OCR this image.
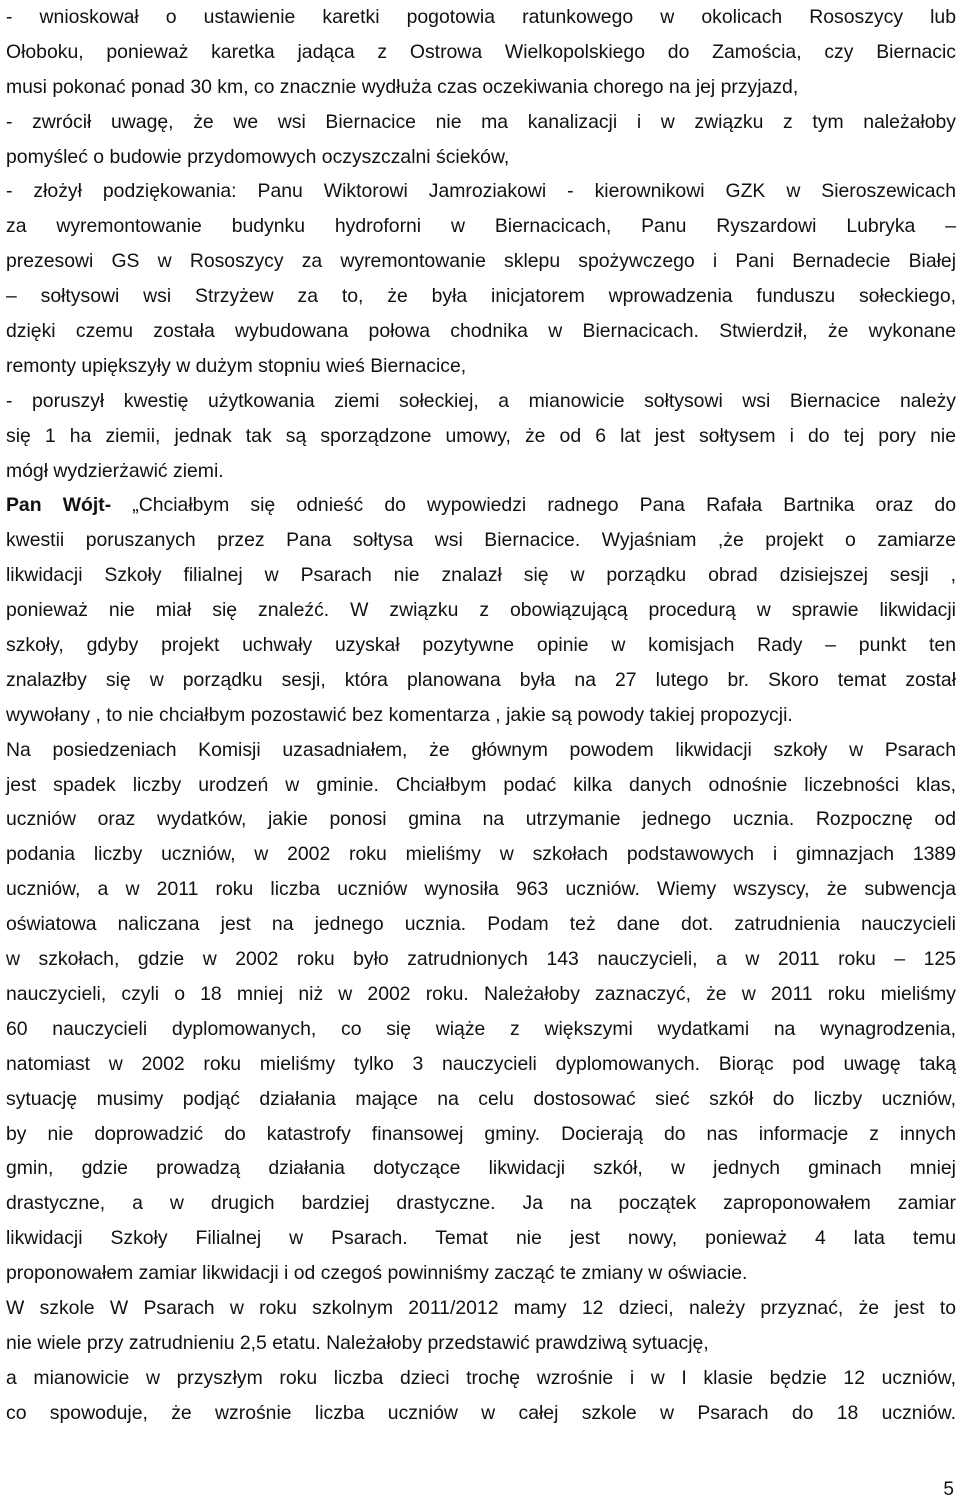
- wnioskował o ustawienie karetki pogotowia ratunkowego w okolicach Rososzycy lub
Ołoboku, ponieważ karetka jadąca z Ostrowa Wielkopolskiego do Zamościa, czy Biernacic
musi pokonać ponad 30 km, co znacznie wydłuża czas oczekiwania chorego na jej przyjazd,
- zwrócił uwagę, że we wsi Biernacice nie ma kanalizacji i w związku z tym należałoby
pomyśleć o budowie przydomowych oczyszczalni ścieków,
- złożył podziękowania: Panu Wiktorowi Jamroziakowi - kierownikowi GZK w Sieroszewicach
za wyremontowanie budynku hydroforni w Biernacicach, Panu Ryszardowi Lubryka –
prezesowi GS w Rososzycy za wyremontowanie sklepu spożywczego i Pani Bernadecie Białej
– sołtysowi wsi Strzyżew za to, że była inicjatorem wprowadzenia funduszu sołeckiego,
dzięki czemu została wybudowana połowa chodnika w Biernacicach. Stwierdził, że wykonane
remonty upiększyły w dużym stopniu wieś Biernacice,
- poruszył kwestię użytkowania ziemi sołeckiej, a mianowicie sołtysowi wsi Biernacice należy
się 1 ha ziemii, jednak tak są sporządzone umowy, że od 6 lat jest sołtysem i do tej pory nie
mógł wydzierżawić ziemi.
Pan Wójt- „Chciałbym się odnieść do wypowiedzi radnego Pana Rafała Bartnika oraz do
kwestii poruszanych przez Pana sołtysa wsi Biernacice. Wyjaśniam ,że projekt o zamiarze
likwidacji Szkoły filialnej w Psarach nie znalazł się w porządku obrad dzisiejszej sesji ,
ponieważ nie miał się znaleźć. W związku z obowiązującą procedurą w sprawie likwidacji
szkoły, gdyby projekt uchwały uzyskał pozytywne opinie w komisjach Rady – punkt ten
znalazłby się w porządku sesji, która planowana była na 27 lutego br. Skoro temat został
wywołany , to nie chciałbym pozostawić bez komentarza , jakie są powody takiej propozycji.
Na posiedzeniach Komisji uzasadniałem, że głównym powodem likwidacji szkoły w Psarach
jest spadek liczby urodzeń w gminie. Chciałbym podać kilka danych odnośnie liczebności klas,
uczniów oraz wydatków, jakie ponosi gmina na utrzymanie jednego ucznia. Rozpocznę od
podania liczby uczniów, w 2002 roku mieliśmy w szkołach podstawowych i gimnazjach 1389
uczniów, a w 2011 roku liczba uczniów wynosiła 963 uczniów. Wiemy wszyscy, że subwencja
oświatowa naliczana jest na jednego ucznia. Podam też dane dot. zatrudnienia nauczycieli
w szkołach, gdzie w 2002 roku było zatrudnionych 143 nauczycieli, a w 2011 roku – 125
nauczycieli, czyli o 18 mniej niż w 2002 roku. Należałoby zaznaczyć, że w 2011 roku mieliśmy
60 nauczycieli dyplomowanych, co się wiąże z większymi wydatkami na wynagrodzenia,
natomiast w 2002 roku mieliśmy tylko 3 nauczycieli dyplomowanych. Biorąc pod uwagę taką
sytuację musimy podjąć działania mające na celu dostosować sieć szkół do liczby uczniów,
by nie doprowadzić do katastrofy finansowej gminy. Docierają do nas informacje z innych
gmin, gdzie prowadzą działania dotyczące likwidacji szkół, w jednych gminach mniej
drastyczne, a w drugich bardziej drastyczne. Ja na początek zaproponowałem zamiar
likwidacji Szkoły Filialnej w Psarach. Temat nie jest nowy, ponieważ 4 lata temu
proponowałem zamiar likwidacji i od czegoś powinniśmy zacząć te zmiany w oświacie.
W szkole W Psarach w roku szkolnym 2011/2012 mamy 12 dzieci, należy przyznać, że jest to
nie wiele przy zatrudnieniu 2,5 etatu. Należałoby przedstawić prawdziwą sytuację,
a mianowicie w przyszłym roku liczba dzieci trochę wzrośnie i w I klasie będzie 12 uczniów,
co spowoduje, że wzrośnie liczba uczniów w całej szkole w Psarach do 18 uczniów.
5
